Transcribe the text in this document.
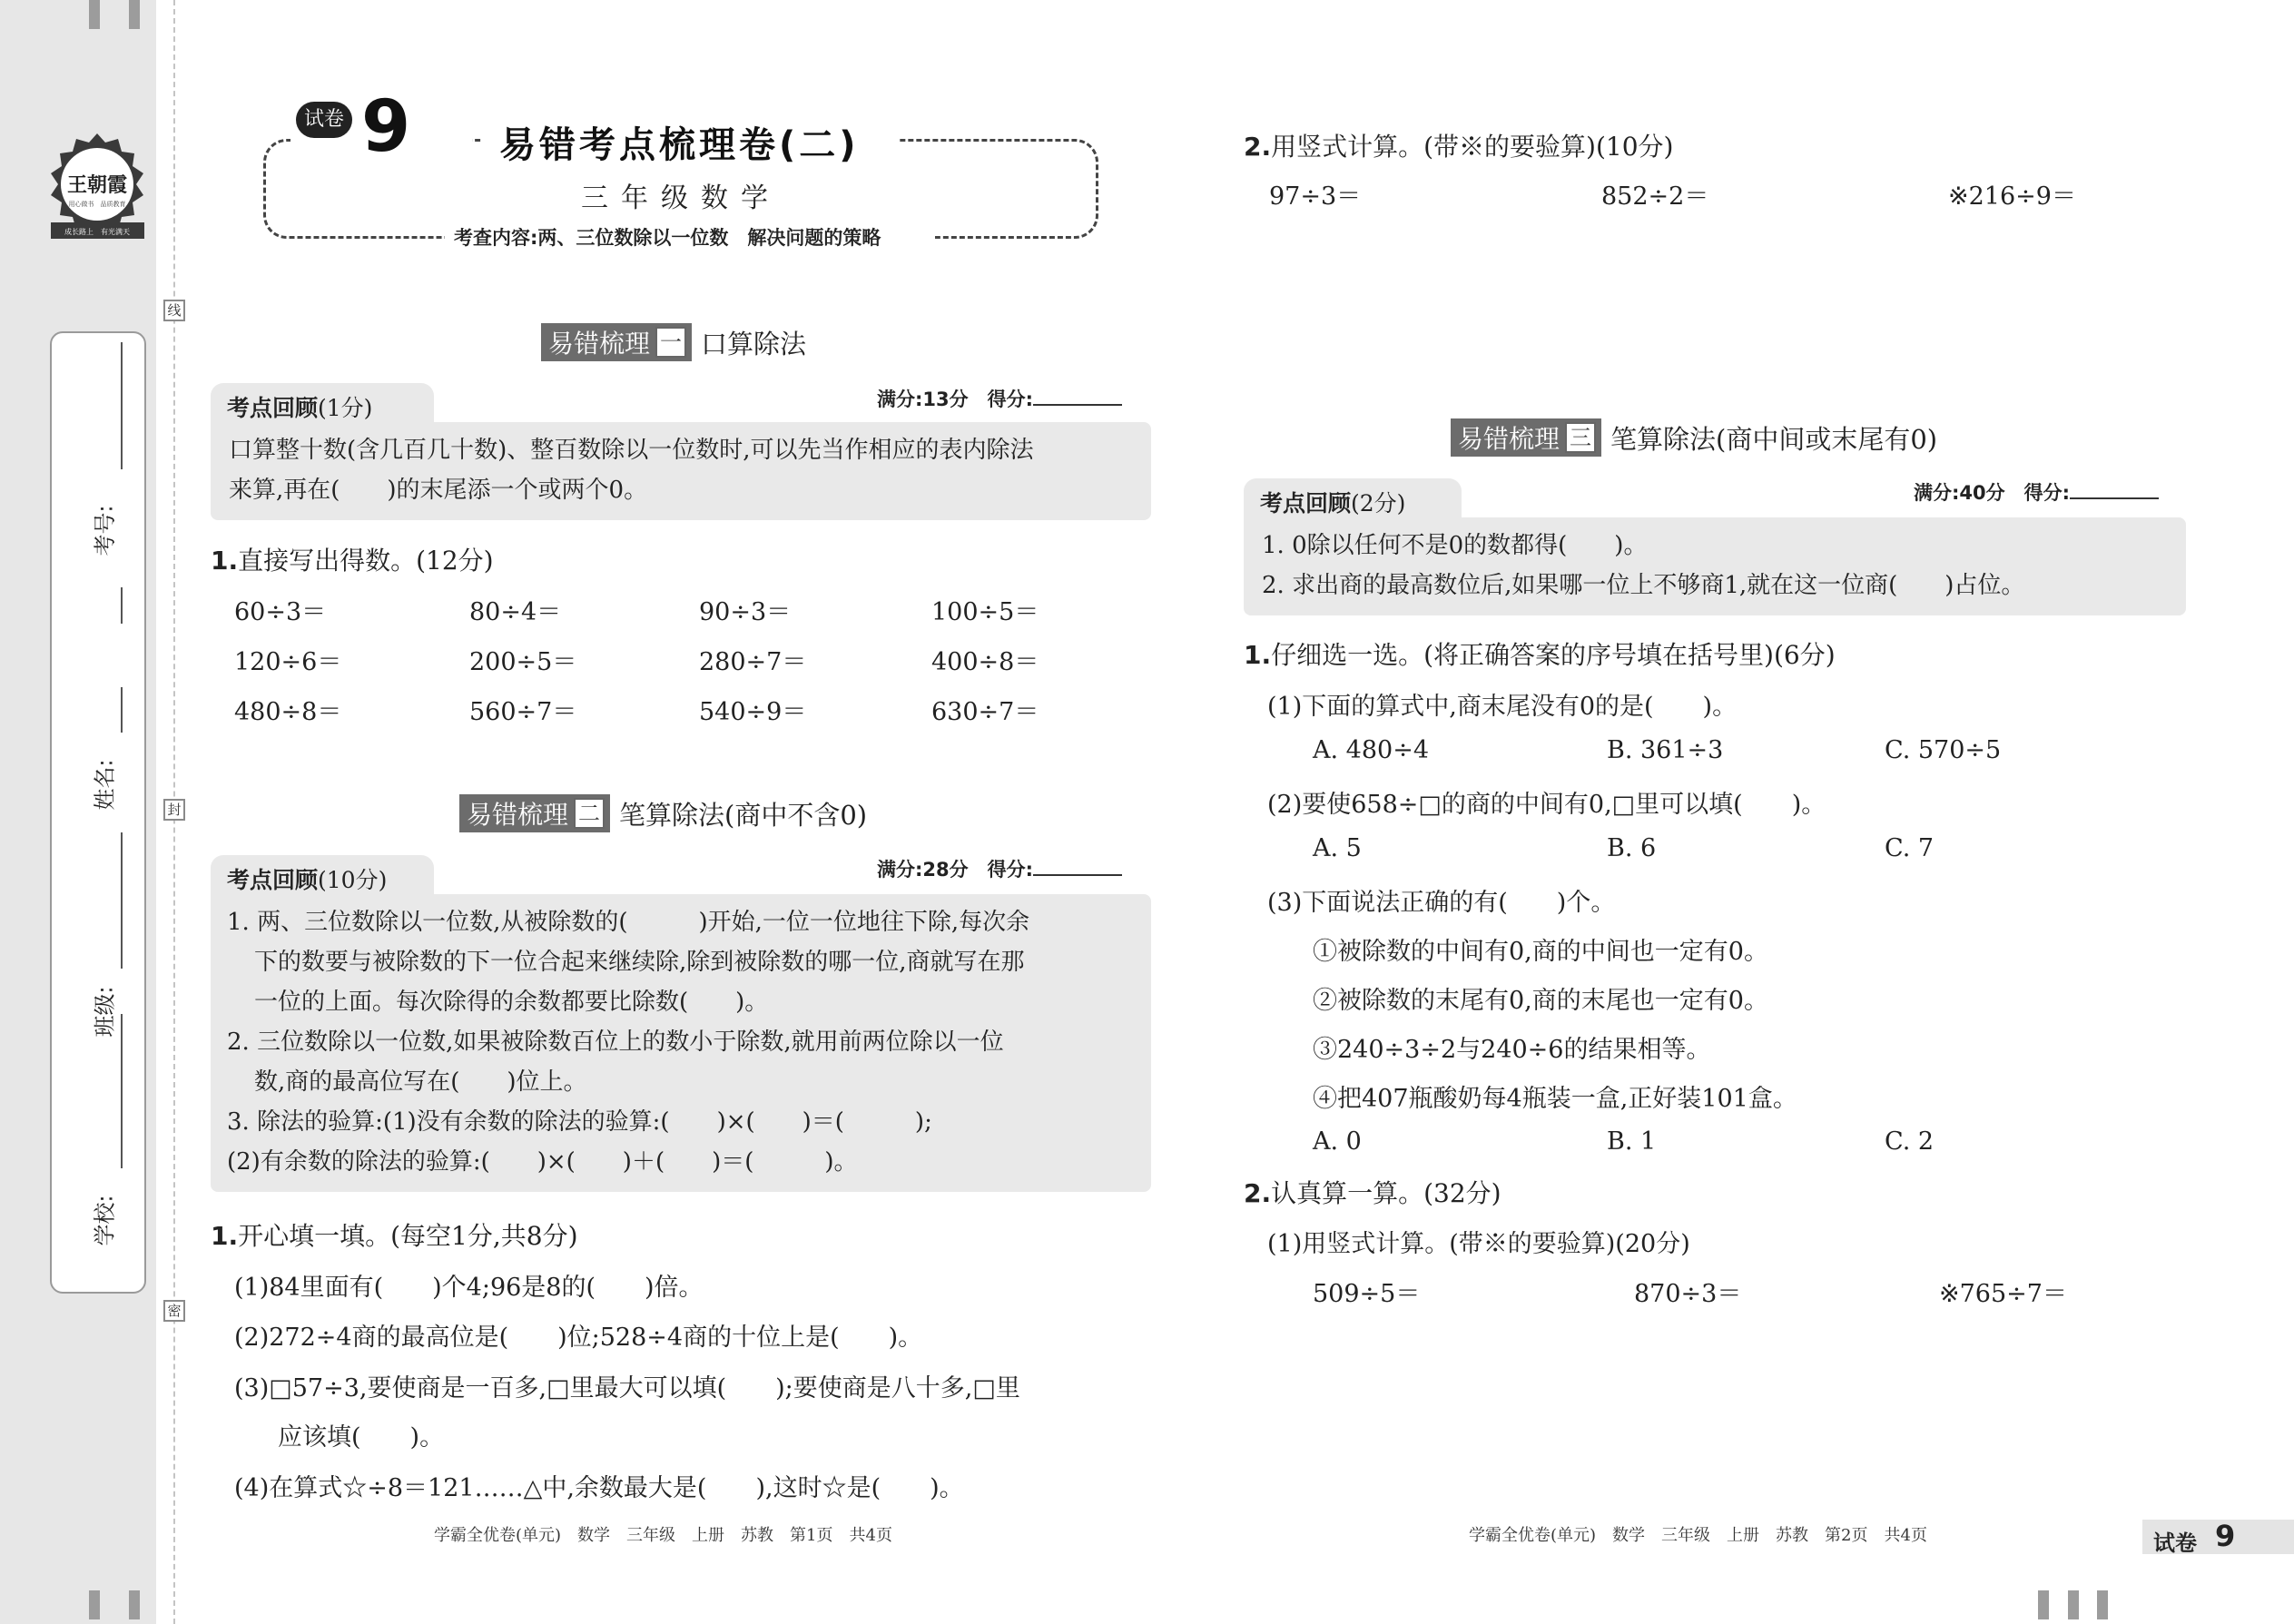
线
封
密
王朝霞
用心做书　品质教育
成长路上　有光满天
考号:
姓名:
班级:
学校:
试卷 9 易错考点梳理卷(二)
三年级数学
考查内容:两、三位数除以一位数　解决问题的策略
易错梳理 一 口算除法
考点回顾(1分)	满分:13分　 得分:
口算整十数(含几百几十数)、整百数除以一位数时,可以先当作相应的表内除法
来算,再在(　　)的末尾添一个或两个0。
1.直接写出得数。(12分)
60÷3＝	80÷4＝	90÷3＝	100÷5＝
120÷6＝	200÷5＝	280÷7＝	400÷8＝
480÷8＝	560÷7＝	540÷9＝	630÷7＝
易错梳理 二 笔算除法(商中不含0)
考点回顾(10分)	满分:28分　 得分:
1. 两、三位数除以一位数,从被除数的(　　　)开始,一位一位地往下除,每次余
下的数要与被除数的下一位合起来继续除,除到被除数的哪一位,商就写在那
一位的上面。每次除得的余数都要比除数(　　)。
2. 三位数除以一位数,如果被除数百位上的数小于除数,就用前两位除以一位
数,商的最高位写在(　　)位上。
3. 除法的验算:(1)没有余数的除法的验算:(　　)×(　　)＝(　　　);
(2)有余数的除法的验算:(　　)×(　　)＋(　　)＝(　　　)。
1.开心填一填。(每空1分,共8分)
(1)84里面有(　　)个4;96是8的(　　)倍。
(2)272÷4商的最高位是(　　)位;528÷4商的十位上是(　　)。
(3)□57÷3,要使商是一百多,□里最大可以填(　　);要使商是八十多,□里
应该填(　　)。
(4)在算式☆÷8＝121……△中,余数最大是(　　),这时☆是(　　)。
学霸全优卷(单元)　数学　三年级　上册　苏教　第1页　共4页
2.用竖式计算。(带※的要验算)(10分)
97÷3＝	852÷2＝	※216÷9＝
易错梳理 三 笔算除法(商中间或末尾有0)
考点回顾(2分)	满分:40分　 得分:
1. 0除以任何不是0的数都得(　　)。
2. 求出商的最高数位后,如果哪一位上不够商1,就在这一位商(　　)占位。
1.仔细选一选。(将正确答案的序号填在括号里)(6分)
(1)下面的算式中,商末尾没有0的是(　　)。
A. 480÷4	B. 361÷3	C. 570÷5
(2)要使658÷□的商的中间有0,□里可以填(　　)。
A. 5	B. 6	C. 7
(3)下面说法正确的有(　　)个。
①被除数的中间有0,商的中间也一定有0。
②被除数的末尾有0,商的末尾也一定有0。
③240÷3÷2与240÷6的结果相等。
④把407瓶酸奶每4瓶装一盒,正好装101盒。
A. 0	B. 1	C. 2
2.认真算一算。(32分)
(1)用竖式计算。(带※的要验算)(20分)
509÷5＝	870÷3＝	※765÷7＝
学霸全优卷(单元)　数学　三年级　上册　苏教　第2页　共4页	试卷 9
